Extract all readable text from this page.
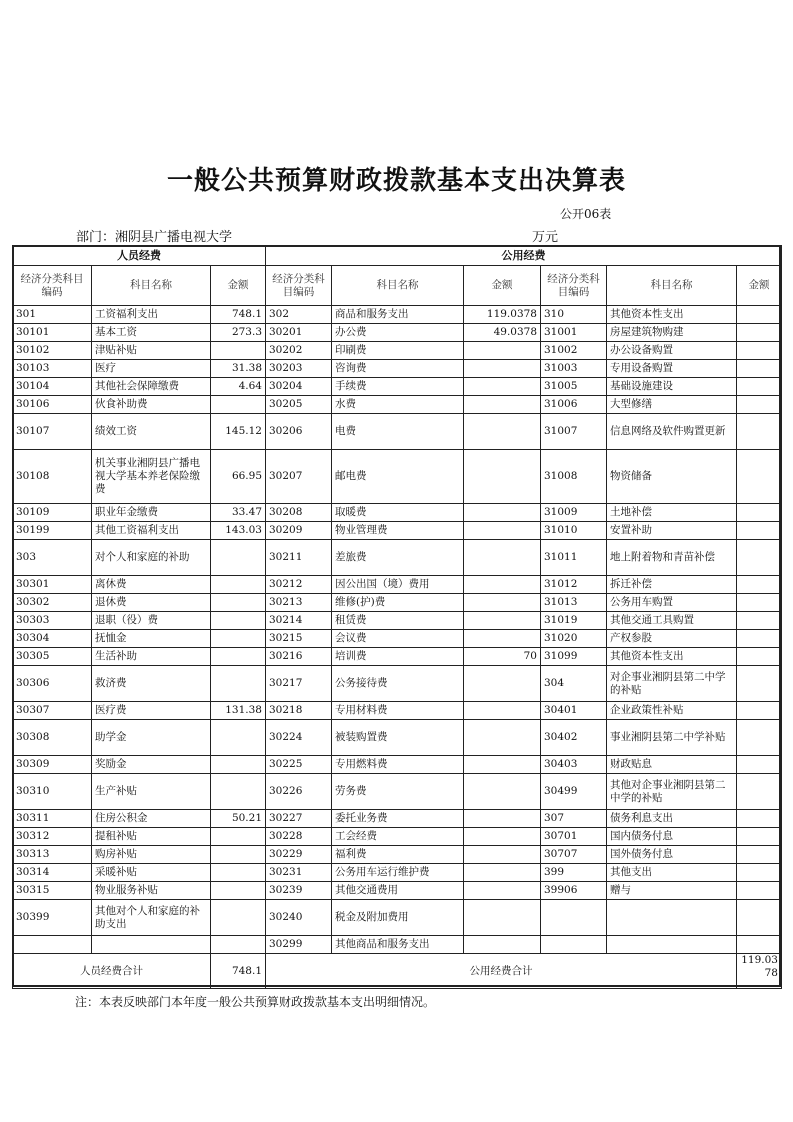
一般公共预算财政拨款基本支出决算表
公开06表
部门：湘阴县广播电视大学	万元
人员经费			公用经费					
经济分类科目编码	科目名称	金额	经济分类科目编码	科目名称	金额	经济分类科目编码	科目名称	金额
301	工资福利支出	748.1	302	商品和服务支出	119.0378	310	其他资本性支出	
30101	基本工资	273.3	30201	办公费	49.0378	31001	房屋建筑物购建	
30102	津贴补贴		30202	印刷费		31002	办公设备购置	
30103	医疗	31.38	30203	咨询费		31003	专用设备购置	
30104	其他社会保障缴费	4.64	30204	手续费		31005	基础设施建设	
30106	伙食补助费		30205	水费		31006	大型修缮	
30107	绩效工资	145.12	30206	电费		31007	信息网络及软件购置更新	
30108	机关事业湘阴县广播电视大学基本养老保险缴费	66.95	30207	邮电费		31008	物资储备	
30109	职业年金缴费	33.47	30208	取暖费		31009	土地补偿	
30199	其他工资福利支出	143.03	30209	物业管理费		31010	安置补助	
303	对个人和家庭的补助		30211	差旅费		31011	地上附着物和青苗补偿	
30301	离休费		30212	因公出国（境）费用		31012	拆迁补偿	
30302	退休费		30213	维修(护)费		31013	公务用车购置	
30303	退职（役）费		30214	租赁费		31019	其他交通工具购置	
30304	抚恤金		30215	会议费		31020	产权参股	
30305	生活补助		30216	培训费	70	31099	其他资本性支出	
30306	救济费		30217	公务接待费		304	对企事业湘阴县第二中学的补贴	
30307	医疗费	131.38	30218	专用材料费		30401	企业政策性补贴	
30308	助学金		30224	被装购置费		30402	事业湘阴县第二中学补贴	
30309	奖励金		30225	专用燃料费		30403	财政贴息	
30310	生产补贴		30226	劳务费		30499	其他对企事业湘阴县第二中学的补贴	
30311	住房公积金	50.21	30227	委托业务费		307	债务利息支出	
30312	提租补贴		30228	工会经费		30701	国内债务付息	
30313	购房补贴		30229	福利费		30707	国外债务付息	
30314	采暖补贴		30231	公务用车运行维护费		399	其他支出	
30315	物业服务补贴		30239	其他交通费用		39906	赠与	
30399	其他对个人和家庭的补助支出		30240	税金及附加费用				
			30299	其他商品和服务支出				
人员经费合计		748.1	公用经费合计					119.0378
注：本表反映部门本年度一般公共预算财政拨款基本支出明细情况。
